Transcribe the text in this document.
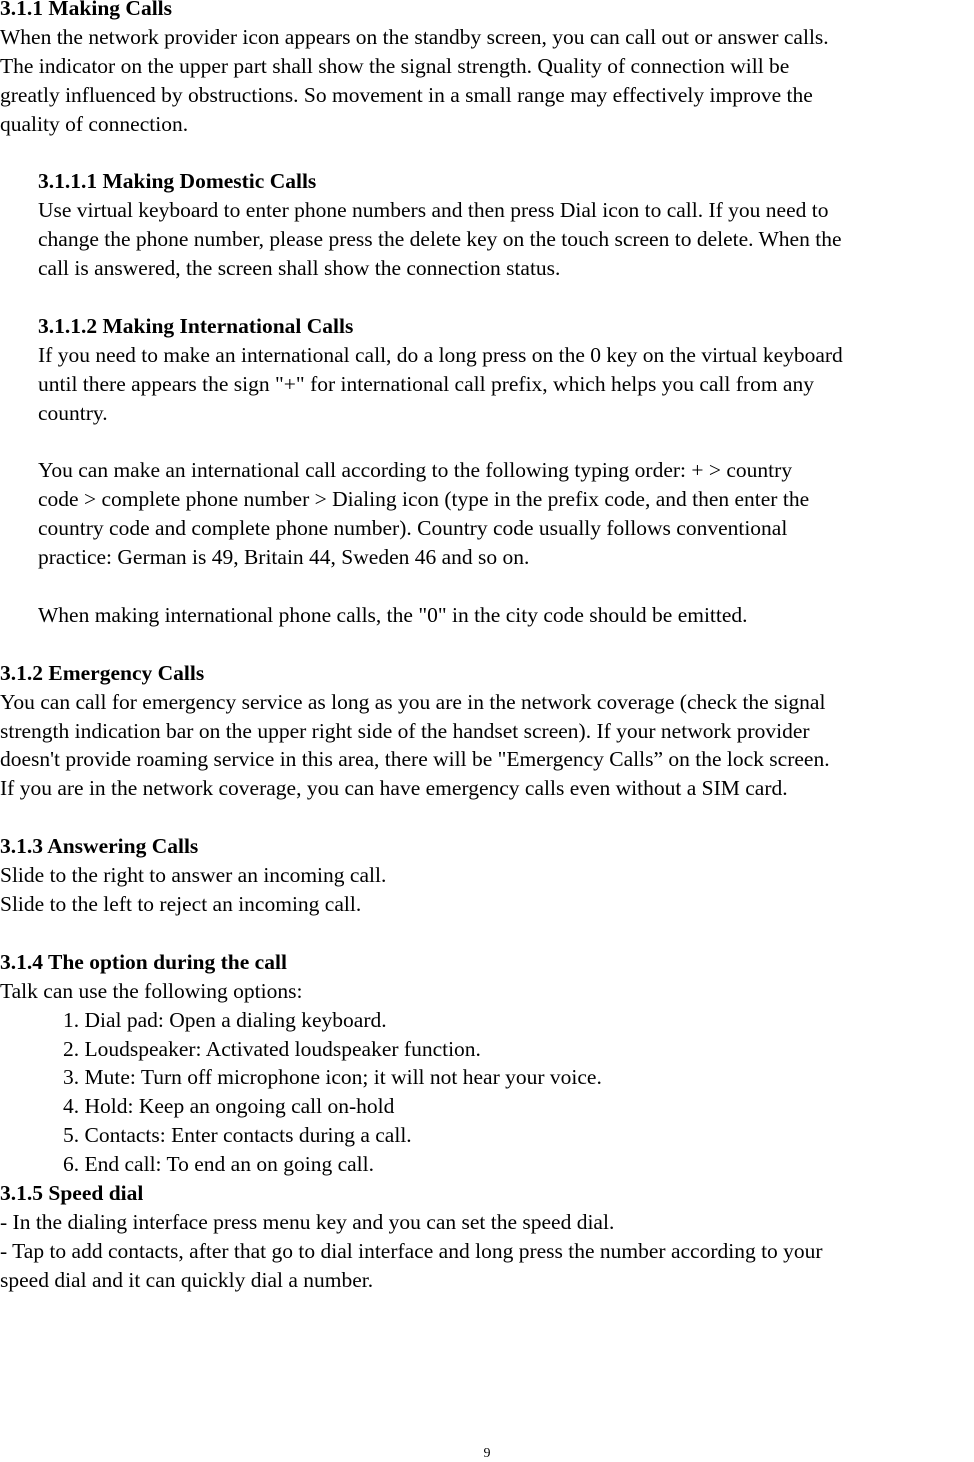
3.1.1 Making Calls

When the network provider icon appears on the standby screen, you can call out or answer calls.

The indicator on the upper part shall show the signal strength. Quality of connection will be

greatly influenced by obstructions. So movement in a small range may effectively improve the

quality of connection.

3.1.1.1 Making Domestic Calls

Use virtual keyboard to enter phone numbers and then press Dial icon to call. If you need to

change the phone number, please press the delete key on the touch screen to delete. When the

call is answered, the screen shall show the connection status.

3.1.1.2 Making International Calls

If you need to make an international call, do a long press on the 0 key on the virtual keyboard

until there appears the sign "+" for international call prefix, which helps you call from any

country.

You can make an international call according to the following typing order: + > country

code > complete phone number > Dialing icon (type in the prefix code, and then enter the

country code and complete phone number). Country code usually follows conventional

practice: German is 49, Britain 44, Sweden 46 and so on.

When making international phone calls, the "0" in the city code should be emitted.

3.1.2 Emergency Calls

You can call for emergency service as long as you are in the network coverage (check the signal

strength indication bar on the upper right side of the handset screen). If your network provider

doesn't provide roaming service in this area, there will be "Emergency Calls” on the lock screen.

If you are in the network coverage, you can have emergency calls even without a SIM card.

3.1.3 Answering Calls

Slide to the right to answer an incoming call.

Slide to the left to reject an incoming call.

3.1.4 The option during the call

Talk can use the following options:

1. Dial pad: Open a dialing keyboard.

2. Loudspeaker: Activated loudspeaker function.

3. Mute: Turn off microphone icon; it will not hear your voice.

4. Hold: Keep an ongoing call on-hold

5. Contacts: Enter contacts during a call.

6. End call: To end an on going call.

3.1.5 Speed dial

- In the dialing interface press menu key and you can set the speed dial.

- Tap to add contacts, after that go to dial interface and long press the number according to your

speed dial and it can quickly dial a number.

9
